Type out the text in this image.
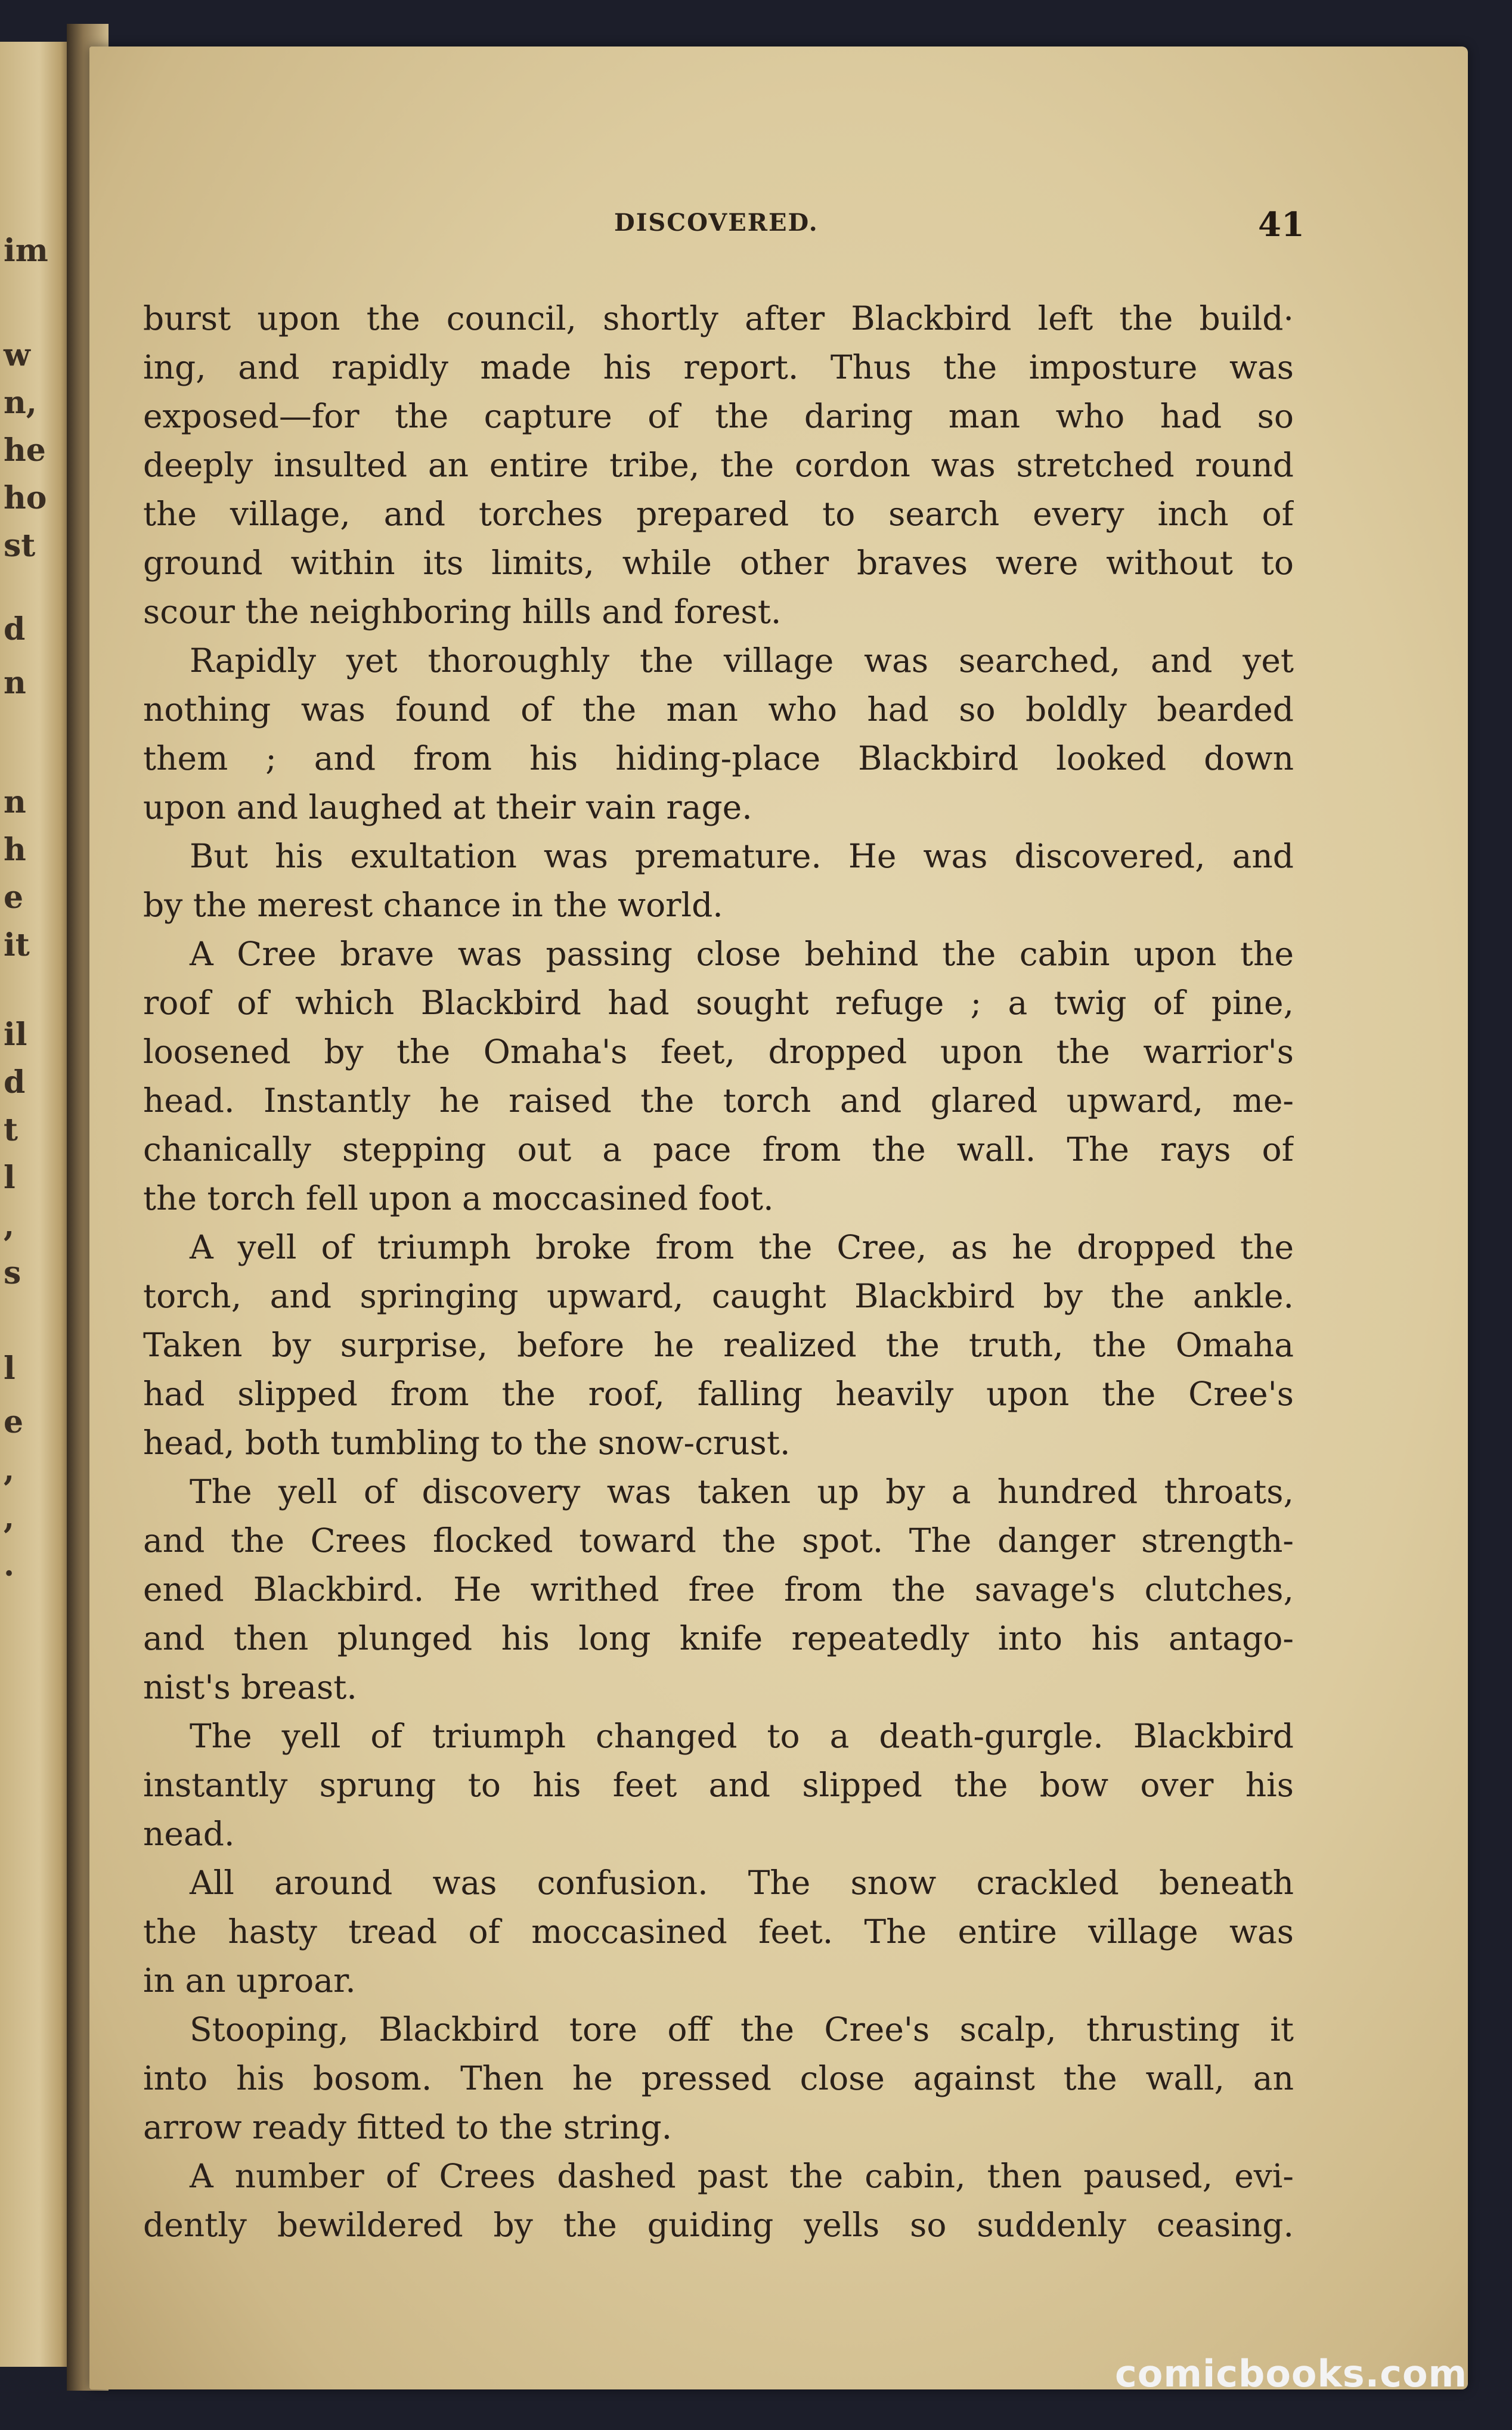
im
w
n,
he
ho
st
d
n
n
h
e
it
il
d
t
l
,
s
l
e
,
,
.
DISCOVERED.	41
burst upon the council, shortly after Blackbird left the build·
ing, and rapidly made his report. Thus the imposture was
exposed—for the capture of the daring man who had so
deeply insulted an entire tribe, the cordon was stretched round
the village, and torches prepared to search every inch of
ground within its limits, while other braves were without to
scour the neighboring hills and forest.
Rapidly yet thoroughly the village was searched, and yet
nothing was found of the man who had so boldly bearded
them ; and from his hiding-place Blackbird looked down
upon and laughed at their vain rage.
But his exultation was premature. He was discovered, and
by the merest chance in the world.
A Cree brave was passing close behind the cabin upon the
roof of which Blackbird had sought refuge ; a twig of pine,
loosened by the Omaha's feet, dropped upon the warrior's
head. Instantly he raised the torch and glared upward, me-
chanically stepping out a pace from the wall. The rays of
the torch fell upon a moccasined foot.
A yell of triumph broke from the Cree, as he dropped the
torch, and springing upward, caught Blackbird by the ankle.
Taken by surprise, before he realized the truth, the Omaha
had slipped from the roof, falling heavily upon the Cree's
head, both tumbling to the snow-crust.
The yell of discovery was taken up by a hundred throats,
and the Crees flocked toward the spot. The danger strength-
ened Blackbird. He writhed free from the savage's clutches,
and then plunged his long knife repeatedly into his antago-
nist's breast.
The yell of triumph changed to a death-gurgle. Blackbird
instantly sprung to his feet and slipped the bow over his
nead.
All around was confusion. The snow crackled beneath
the hasty tread of moccasined feet. The entire village was
in an uproar.
Stooping, Blackbird tore off the Cree's scalp, thrusting it
into his bosom. Then he pressed close against the wall, an
arrow ready fitted to the string.
A number of Crees dashed past the cabin, then paused, evi-
dently bewildered by the guiding yells so suddenly ceasing.
comicbooks.com
